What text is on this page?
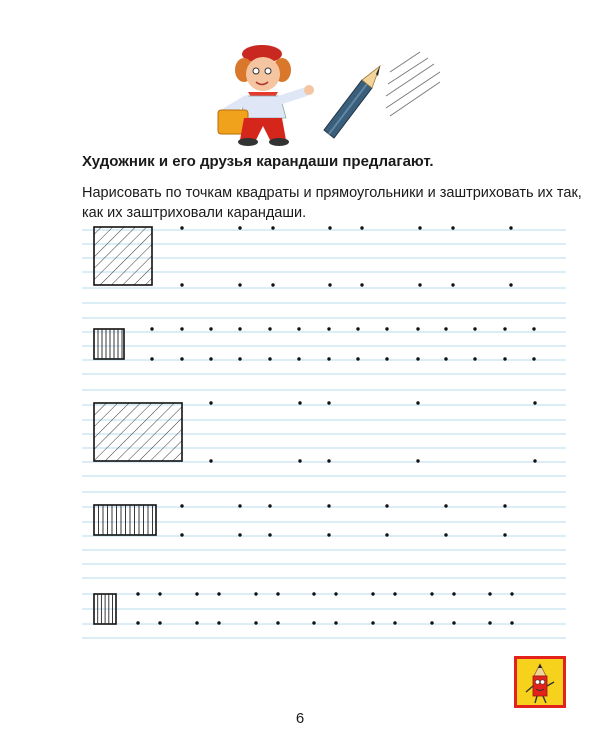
Художник и его друзья карандаши предлагают.
Нарисовать по точкам квадраты и прямоугольники и заштриховать их так, как их заштриховали карандаши.
6
